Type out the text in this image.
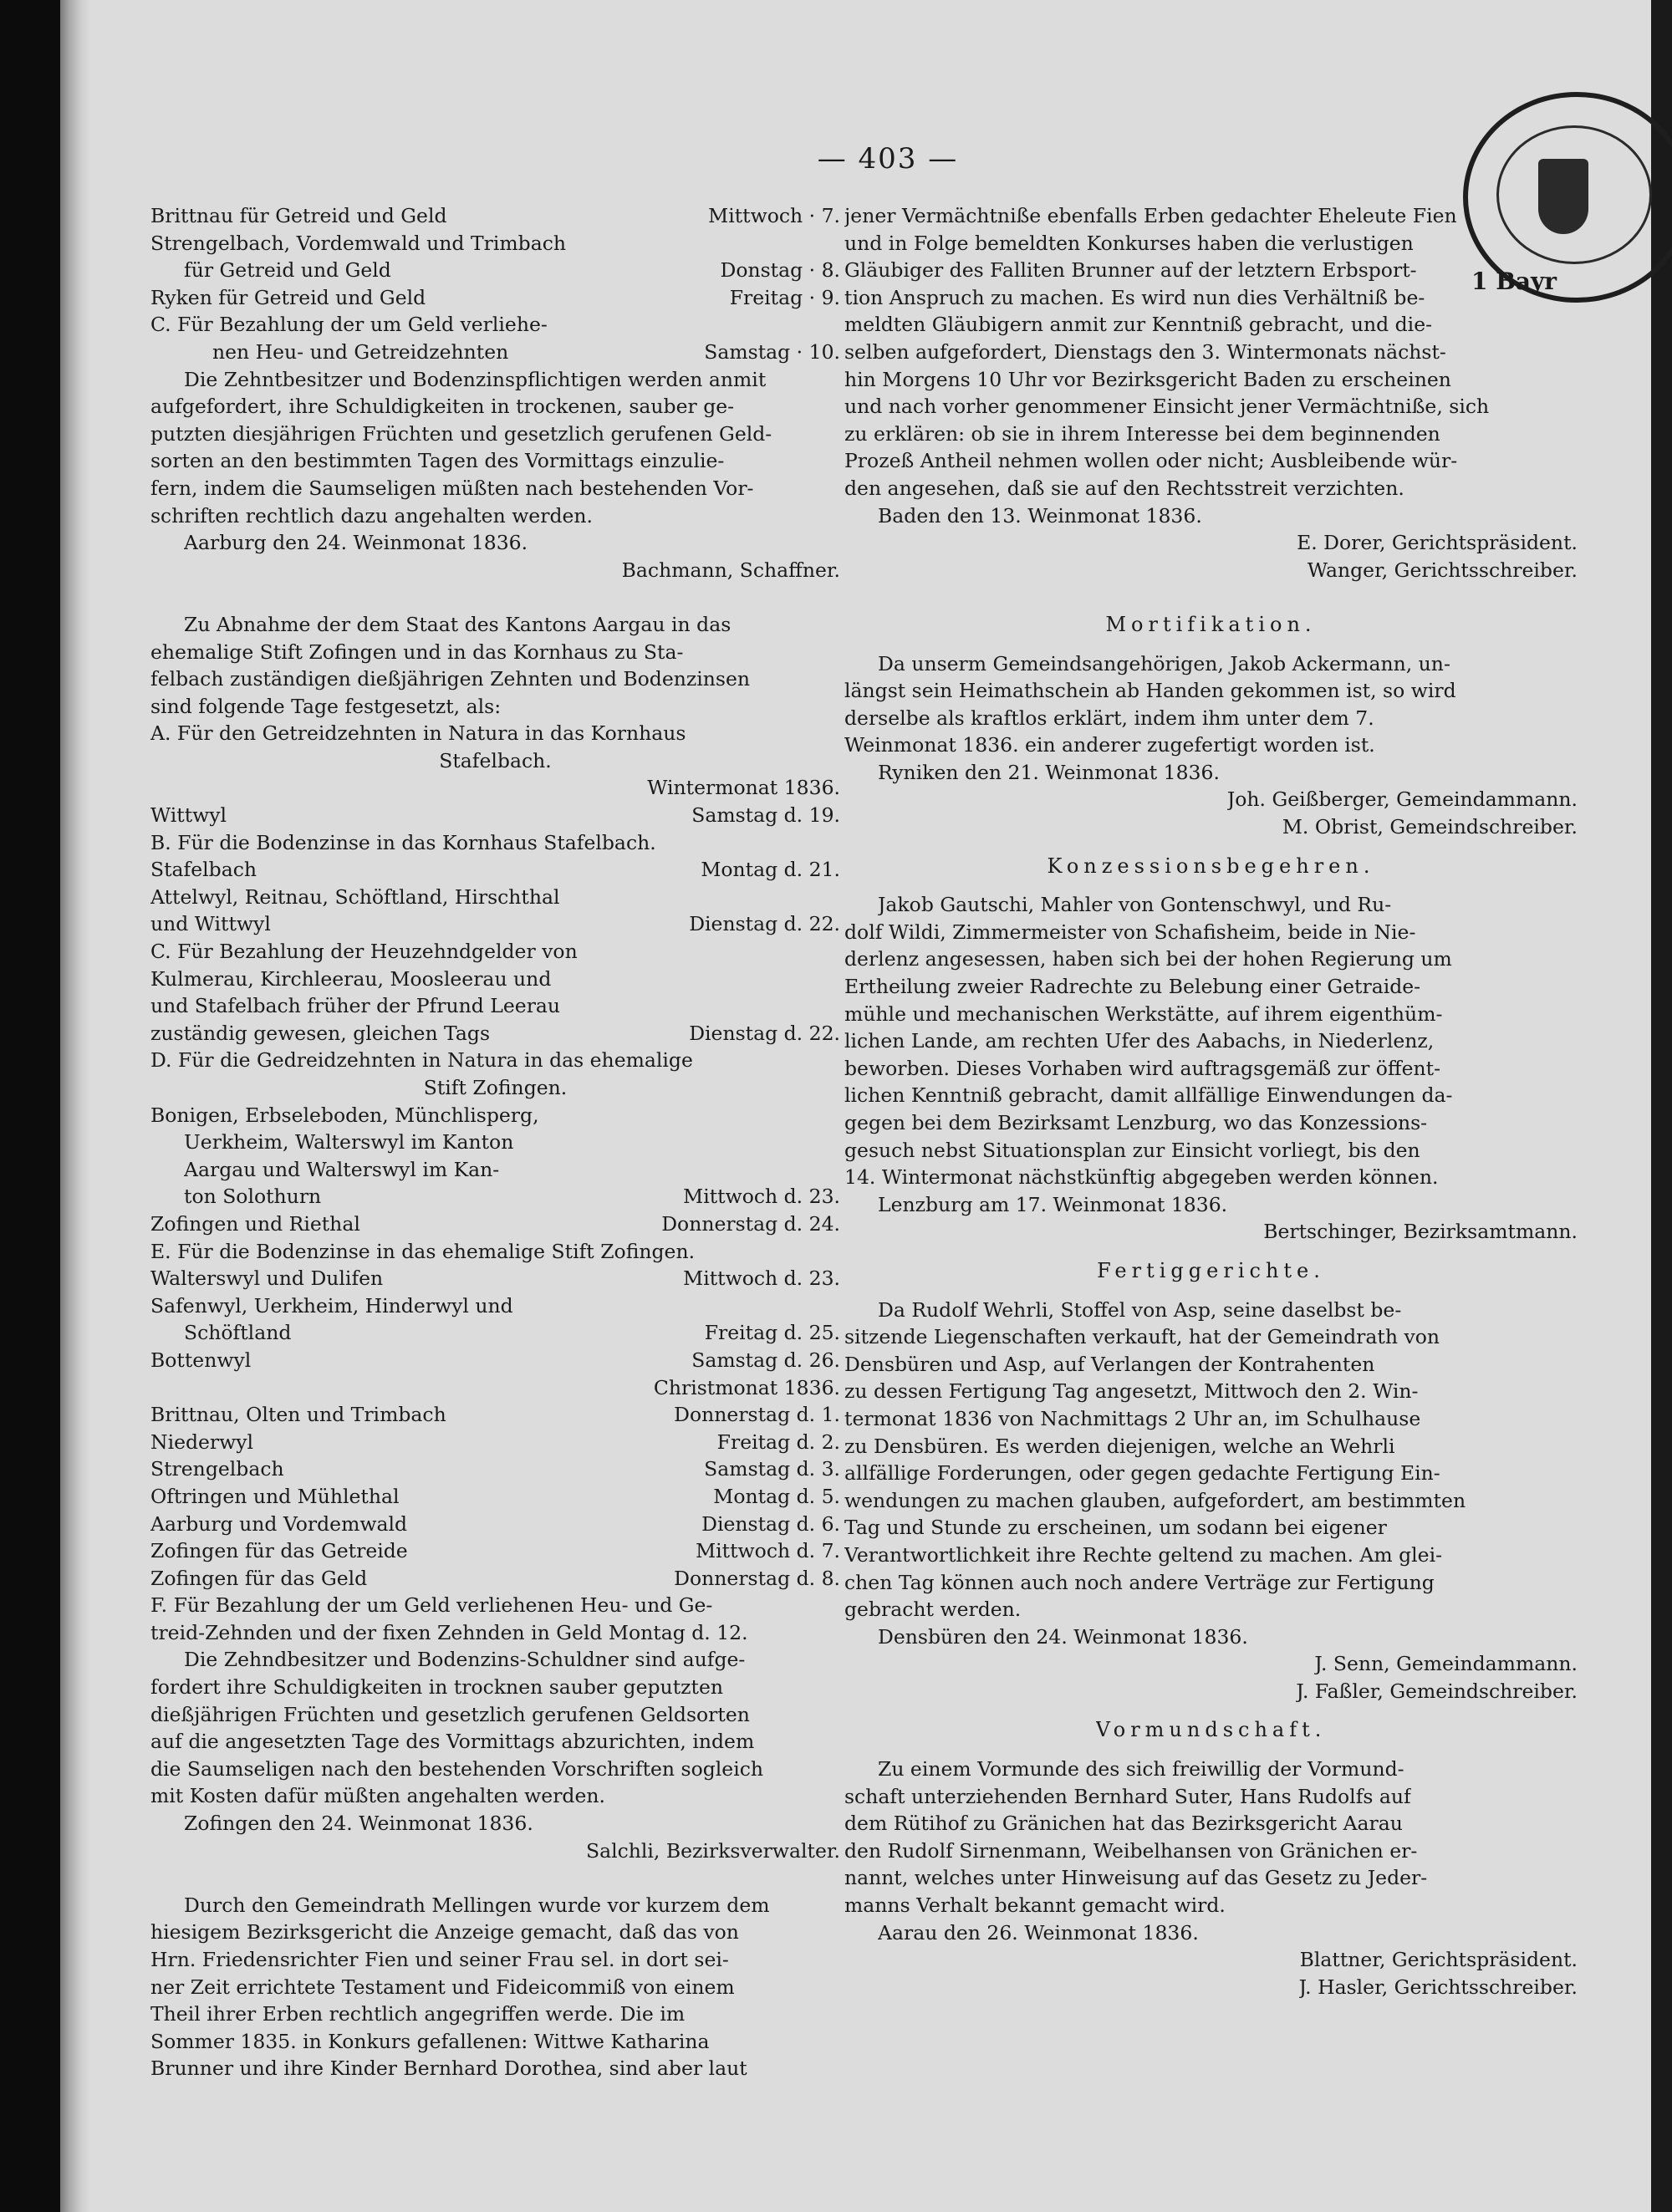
— 403 —
Brittnau für Getreid und Geld	Mittwoch · 7.
Strengelbach, Vordemwald und Trimbach
für Getreid und Geld	Donstag · 8.
Ryken für Getreid und Geld	Freitag · 9.
C. Für Bezahlung der um Geld verliehe-
nen Heu- und Getreidzehnten	Samstag · 10.
Die Zehntbesitzer und Bodenzinspflichtigen werden anmit
aufgefordert, ihre Schuldigkeiten in trockenen, sauber ge-
putzten diesjährigen Früchten und gesetzlich gerufenen Geld-
sorten an den bestimmten Tagen des Vormittags einzulie-
fern, indem die Saumseligen müßten nach bestehenden Vor-
schriften rechtlich dazu angehalten werden.
Aarburg den 24. Weinmonat 1836.
Bachmann, Schaffner.
Zu Abnahme der dem Staat des Kantons Aargau in das
ehemalige Stift Zofingen und in das Kornhaus zu Sta-
felbach zuständigen dießjährigen Zehnten und Bodenzinsen
sind folgende Tage festgesetzt, als:
A. Für den Getreidzehnten in Natura in das Kornhaus
Stafelbach.
Wintermonat 1836.
Wittwyl	Samstag d. 19.
B. Für die Bodenzinse in das Kornhaus Stafelbach.
Stafelbach	Montag d. 21.
Attelwyl, Reitnau, Schöftland, Hirschthal
und Wittwyl	Dienstag d. 22.
C. Für Bezahlung der Heuzehndgelder von
Kulmerau, Kirchleerau, Moosleerau und
und Stafelbach früher der Pfrund Leerau
zuständig gewesen, gleichen Tags	Dienstag d. 22.
D. Für die Gedreidzehnten in Natura in das ehemalige
Stift Zofingen.
Bonigen, Erbseleboden, Münchlisperg,
Uerkheim, Walterswyl im Kanton
Aargau und Walterswyl im Kan-
ton Solothurn	Mittwoch d. 23.
Zofingen und Riethal	Donnerstag d. 24.
E. Für die Bodenzinse in das ehemalige Stift Zofingen.
Walterswyl und Dulifen	Mittwoch d. 23.
Safenwyl, Uerkheim, Hinderwyl und
Schöftland	Freitag d. 25.
Bottenwyl	Samstag d. 26.
Christmonat 1836.
Brittnau, Olten und Trimbach	Donnerstag d. 1.
Niederwyl	Freitag d. 2.
Strengelbach	Samstag d. 3.
Oftringen und Mühlethal	Montag d. 5.
Aarburg und Vordemwald	Dienstag d. 6.
Zofingen für das Getreide	Mittwoch d. 7.
Zofingen für das Geld	Donnerstag d. 8.
F. Für Bezahlung der um Geld verliehenen Heu- und Ge-
treid-Zehnden und der fixen Zehnden in Geld Montag d. 12.
Die Zehndbesitzer und Bodenzins-Schuldner sind aufge-
fordert ihre Schuldigkeiten in trocknen sauber geputzten
dießjährigen Früchten und gesetzlich gerufenen Geldsorten
auf die angesetzten Tage des Vormittags abzurichten, indem
die Saumseligen nach den bestehenden Vorschriften sogleich
mit Kosten dafür müßten angehalten werden.
Zofingen den 24. Weinmonat 1836.
Salchli, Bezirksverwalter.
Durch den Gemeindrath Mellingen wurde vor kurzem dem
hiesigem Bezirksgericht die Anzeige gemacht, daß das von
Hrn. Friedensrichter Fien und seiner Frau sel. in dort sei-
ner Zeit errichtete Testament und Fideicommiß von einem
Theil ihrer Erben rechtlich angegriffen werde. Die im
Sommer 1835. in Konkurs gefallenen: Wittwe Katharina
Brunner und ihre Kinder Bernhard Dorothea, sind aber laut
jener Vermächtniße ebenfalls Erben gedachter Eheleute Fien
und in Folge bemeldten Konkurses haben die verlustigen
Gläubiger des Falliten Brunner auf der letztern Erbsport-
tion Anspruch zu machen. Es wird nun dies Verhältniß be-
meldten Gläubigern anmit zur Kenntniß gebracht, und die-
selben aufgefordert, Dienstags den 3. Wintermonats nächst-
hin Morgens 10 Uhr vor Bezirksgericht Baden zu erscheinen
und nach vorher genommener Einsicht jener Vermächtniße, sich
zu erklären: ob sie in ihrem Interesse bei dem beginnenden
Prozeß Antheil nehmen wollen oder nicht; Ausbleibende wür-
den angesehen, daß sie auf den Rechtsstreit verzichten.
Baden den 13. Weinmonat 1836.
E. Dorer, Gerichtspräsident.
Wanger, Gerichtsschreiber.
Mortifikation.
Da unserm Gemeindsangehörigen, Jakob Ackermann, un-
längst sein Heimathschein ab Handen gekommen ist, so wird
derselbe als kraftlos erklärt, indem ihm unter dem 7.
Weinmonat 1836. ein anderer zugefertigt worden ist.
Ryniken den 21. Weinmonat 1836.
Joh. Geißberger, Gemeindammann.
M. Obrist, Gemeindschreiber.
Konzessionsbegehren.
Jakob Gautschi, Mahler von Gontenschwyl, und Ru-
dolf Wildi, Zimmermeister von Schafisheim, beide in Nie-
derlenz angesessen, haben sich bei der hohen Regierung um
Ertheilung zweier Radrechte zu Belebung einer Getraide-
mühle und mechanischen Werkstätte, auf ihrem eigenthüm-
lichen Lande, am rechten Ufer des Aabachs, in Niederlenz,
beworben. Dieses Vorhaben wird auftragsgemäß zur öffent-
lichen Kenntniß gebracht, damit allfällige Einwendungen da-
gegen bei dem Bezirksamt Lenzburg, wo das Konzessions-
gesuch nebst Situationsplan zur Einsicht vorliegt, bis den
14. Wintermonat nächstkünftig abgegeben werden können.
Lenzburg am 17. Weinmonat 1836.
Bertschinger, Bezirksamtmann.
Fertiggerichte.
Da Rudolf Wehrli, Stoffel von Asp, seine daselbst be-
sitzende Liegenschaften verkauft, hat der Gemeindrath von
Densbüren und Asp, auf Verlangen der Kontrahenten
zu dessen Fertigung Tag angesetzt, Mittwoch den 2. Win-
termonat 1836 von Nachmittags 2 Uhr an, im Schulhause
zu Densbüren. Es werden diejenigen, welche an Wehrli
allfällige Forderungen, oder gegen gedachte Fertigung Ein-
wendungen zu machen glauben, aufgefordert, am bestimmten
Tag und Stunde zu erscheinen, um sodann bei eigener
Verantwortlichkeit ihre Rechte geltend zu machen. Am glei-
chen Tag können auch noch andere Verträge zur Fertigung
gebracht werden.
Densbüren den 24. Weinmonat 1836.
J. Senn, Gemeindammann.
J. Faßler, Gemeindschreiber.
Vormundschaft.
Zu einem Vormunde des sich freiwillig der Vormund-
schaft unterziehenden Bernhard Suter, Hans Rudolfs auf
dem Rütihof zu Gränichen hat das Bezirksgericht Aarau
den Rudolf Sirnenmann, Weibelhansen von Gränichen er-
nannt, welches unter Hinweisung auf das Gesetz zu Jeder-
manns Verhalt bekannt gemacht wird.
Aarau den 26. Weinmonat 1836.
Blattner, Gerichtspräsident.
J. Hasler, Gerichtsschreiber.
1 Bayr
